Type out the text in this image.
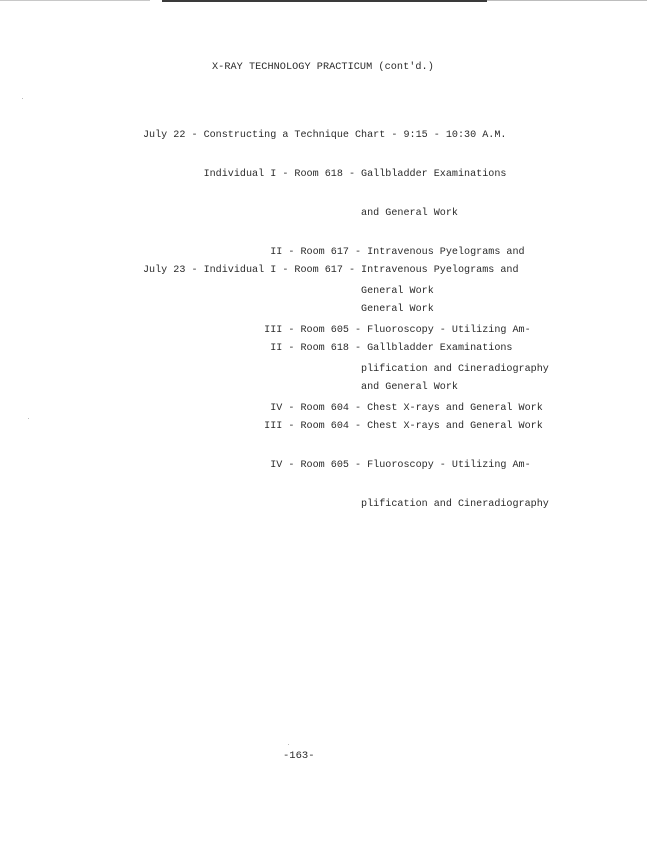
X-RAY TECHNOLOGY PRACTICUM (cont'd.)

July 22 - Constructing a Technique Chart - 9:15 - 10:30 A.M.

Individual I - Room 618 - Gallbladder Examinations

and General Work

II - Room 617 - Intravenous Pyelograms and

General Work

III - Room 605 - Fluoroscopy - Utilizing Am-

plification and Cineradiography

IV - Room 604 - Chest X-rays and General Work

July 23 - Individual I - Room 617 - Intravenous Pyelograms and

General Work

II - Room 618 - Gallbladder Examinations

and General Work

III - Room 604 - Chest X-rays and General Work

IV - Room 605 - Fluoroscopy - Utilizing Am-

plification and Cineradiography

-163-
